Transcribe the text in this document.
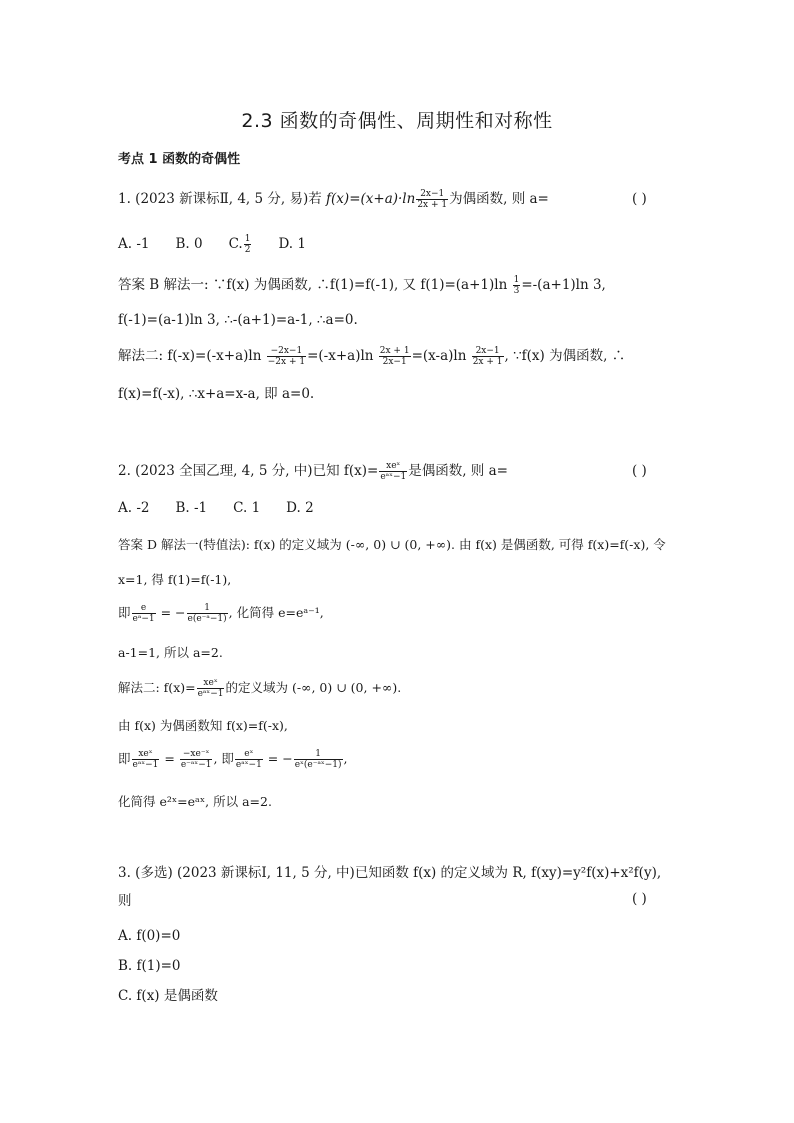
2.3 函数的奇偶性、周期性和对称性
考点 1 函数的奇偶性
1. (2023 新课标Ⅱ, 4, 5 分, 易)若 $f(x)=(x+a)\cdot\ln \frac{2x-1}{2x + 1}$ 为偶函数, 则 a=	( )
A. -1 B. 0 C. $\frac{1}{2} D$. 1
答案 B 解法一: ∵f(x) 为偶函数, ∴f(1)=f(-1), 又 $f(1)=(a+1)\ln \frac{1}{3} =-(a+1)\ln$ 3,
f(-1)=(a-1)ln 3, ∴-(a+1)=a-1, ∴a=0.
解法二: $f(-x)=(-x+a)\ln \frac{-2x-1}{-2x + 1} =(-x+a)\ln \frac{2x + 1}{2x-1} =(x-a)\ln \frac{2x-1}{2x + 1}$ , ∵f(x) 为偶函数, ∴
f(x)=f(-x), ∴x+a=x-a, 即 a=0.
2. (2023 全国乙理, 4, 5 分, 中)已知 $f(x)= \frac{\text{xeˣ}}{\text{eᵃˣ−1}}$ 是偶函数, 则 a=	( )
A. -2 B. -1 C. 1 D. 2
答案 D 解法一(特值法): f(x) 的定义域为 (-∞, 0) ∪ (0, +∞). 由 f(x) 是偶函数, 可得 f(x)=f(-x), 令
x=1, 得 f(1)=f(-1),
即 $\frac{e}{\text{eᵃ−1}}$ = − $\frac{1}{\text{e(e⁻ᵃ−1)}}$ , 化简得 e=eᵃ⁻¹,
a-1=1, 所以 a=2.
解法二: $f(x)= \frac{\text{xeˣ}}{\text{eᵃˣ−1}}$ 的定义域为 (-∞, 0) ∪ (0, +∞).
由 f(x) 为偶函数知 f(x)=f(-x),
即 $\frac{\text{xeˣ}}{\text{eᵃˣ−1}} = \frac{\text{−xe⁻ˣ}}{\text{e⁻ᵃˣ−1}}$ , 即 $\frac{\text{eˣ}}{\text{eᵃˣ−1}}$ = − $\frac{1}{\text{eˣ(e⁻ᵃˣ−1)}}$ ,
化简得 e²ˣ=eᵃˣ, 所以 a=2.
3. (多选) (2023 新课标Ⅰ, 11, 5 分, 中)已知函数 f(x) 的定义域为 R, f(xy)=y²f(x)+x²f(y),
则	( )
A. f(0)=0
B. f(1)=0
C. f(x) 是偶函数
